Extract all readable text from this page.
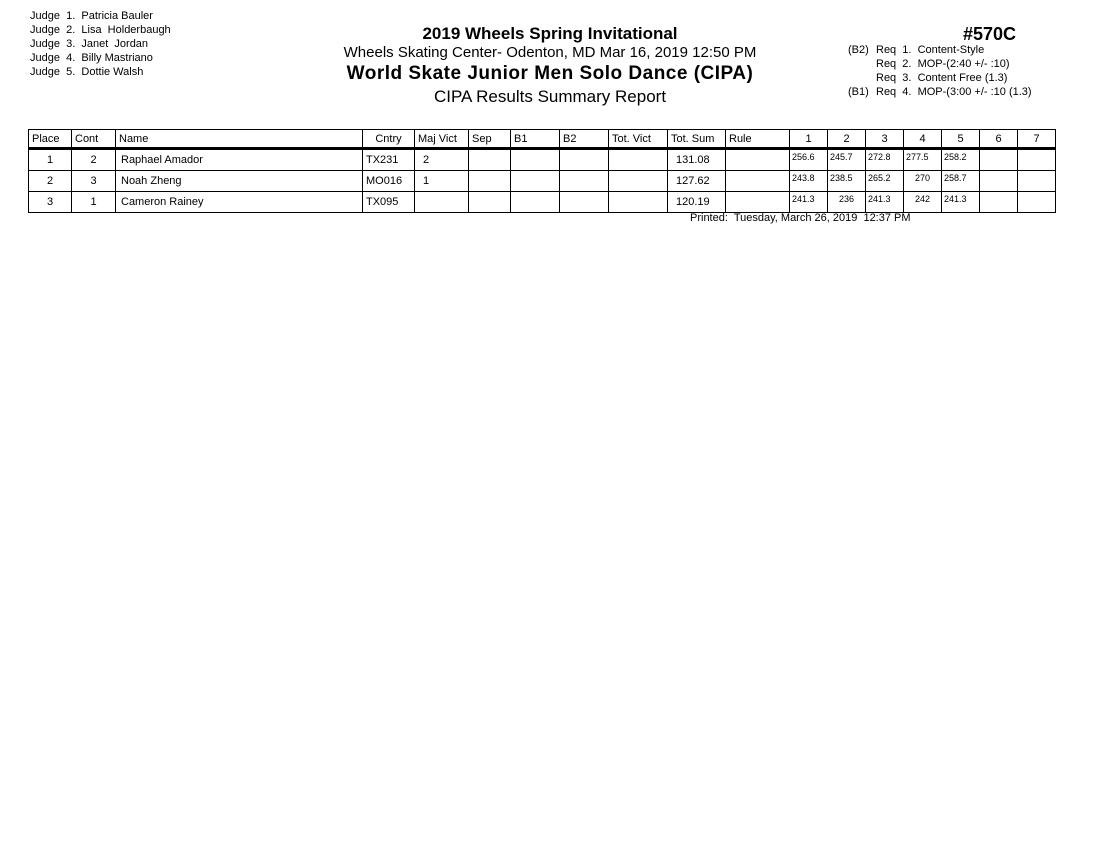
Judge  1. Patricia Bauler
Judge  2. Lisa  Holderbaugh
Judge  3. Janet  Jordan
Judge  4. Billy Mastriano
Judge  5. Dottie Walsh
2019 Wheels Spring Invitational
Wheels Skating Center- Odenton, MD Mar 16, 2019 12:50 PM
World Skate Junior Men Solo Dance (CIPA)
CIPA Results Summary Report
#570C
(B2) Req  1.  Content-Style
Req  2.  MOP-(2:40 +/- :10)
Req  3.  Content Free (1.3)
(B1) Req  4.  MOP-(3:00 +/- :10 (1.3)
Place	Cont	Name	Cntry	Maj Vict	Sep	B1	B2	Tot. Vict	Tot. Sum	Rule	1	2	3	4	5	6	7
1	2	Raphael Amador	TX231	2					131.08		256.6	245.7	272.8	277.5	258.2		
2	3	Noah Zheng	MO016	1					127.62		243.8	238.5	265.2	270	258.7		
3	1	Cameron Rainey	TX095						120.19		241.3	236	241.3	242	241.3		
Printed:  Tuesday, March 26, 2019  12:37 PM
